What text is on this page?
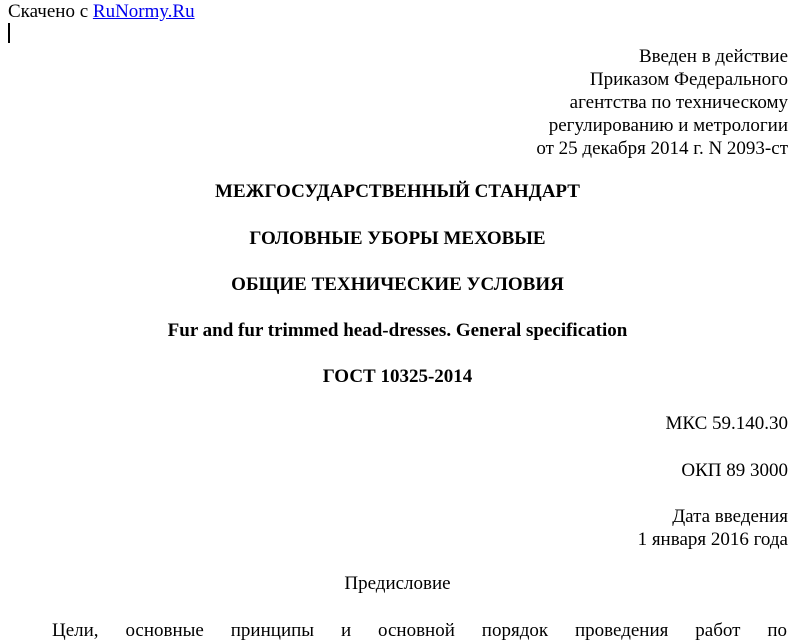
Скачено с RuNormy.Ru
Введен в действие
Приказом Федерального
агентства по техническому
регулированию и метрологии
от 25 декабря 2014 г. N 2093-ст
МЕЖГОСУДАРСТВЕННЫЙ СТАНДАРТ
ГОЛОВНЫЕ УБОРЫ МЕХОВЫЕ
ОБЩИЕ ТЕХНИЧЕСКИЕ УСЛОВИЯ
Fur and fur trimmed head-dresses. General specification
ГОСТ 10325-2014
МКС 59.140.30
ОКП 89 3000
Дата введения
1 января 2016 года
Предисловие
Цели, основные принципы и основной порядок проведения работ по
